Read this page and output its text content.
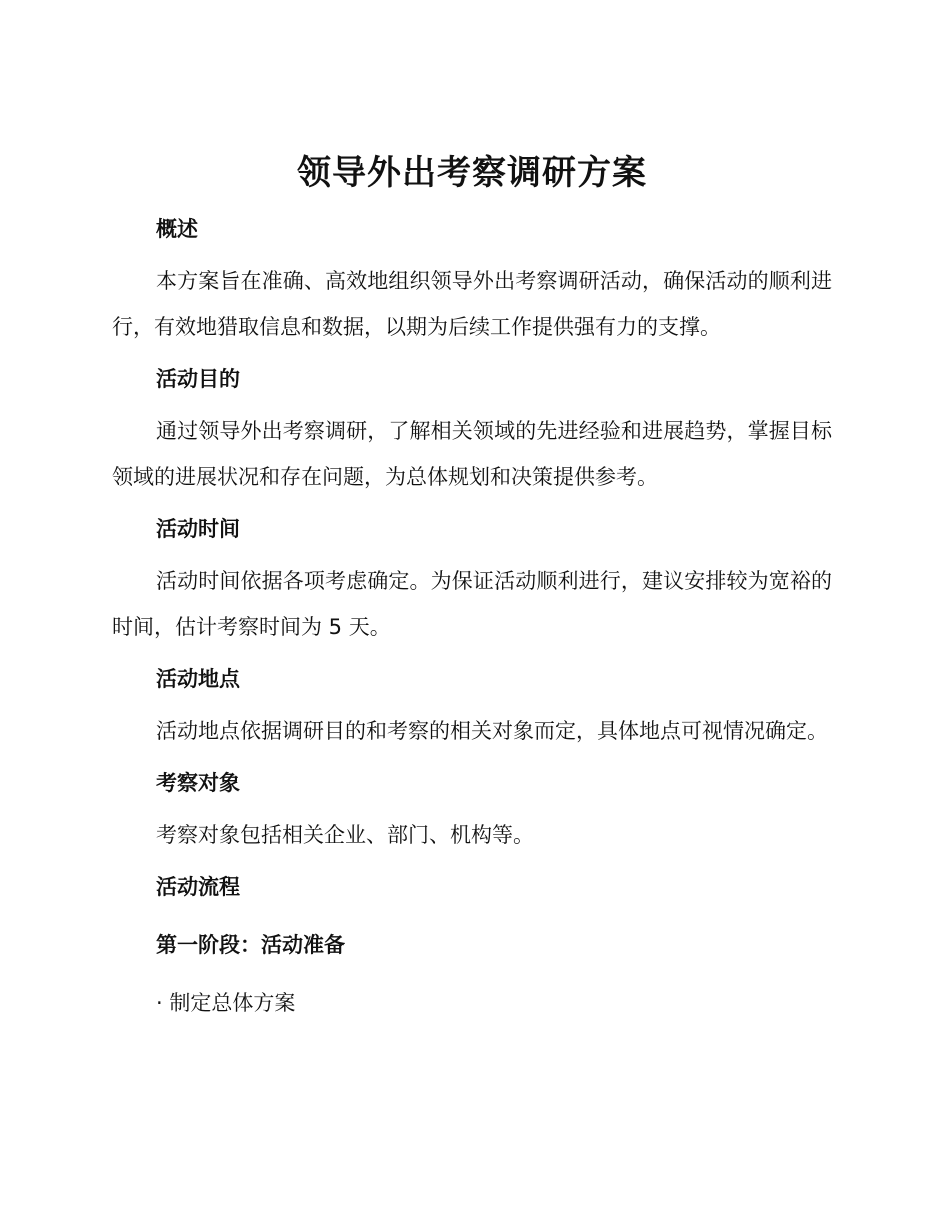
领导外出考察调研方案
概述

本方案旨在准确、高效地组织领导外出考察调研活动，确保活动的顺利进行，有效地猎取信息和数据，以期为后续工作提供强有力的支撑。

活动目的

通过领导外出考察调研，了解相关领域的先进经验和进展趋势，掌握目标领域的进展状况和存在问题，为总体规划和决策提供参考。

活动时间

活动时间依据各项考虑确定。为保证活动顺利进行，建议安排较为宽裕的时间，估计考察时间为 5 天。

活动地点

活动地点依据调研目的和考察的相关对象而定，具体地点可视情况确定。

考察对象

考察对象包括相关企业、部门、机构等。

活动流程
第一阶段：活动准备

· 制定总体方案
